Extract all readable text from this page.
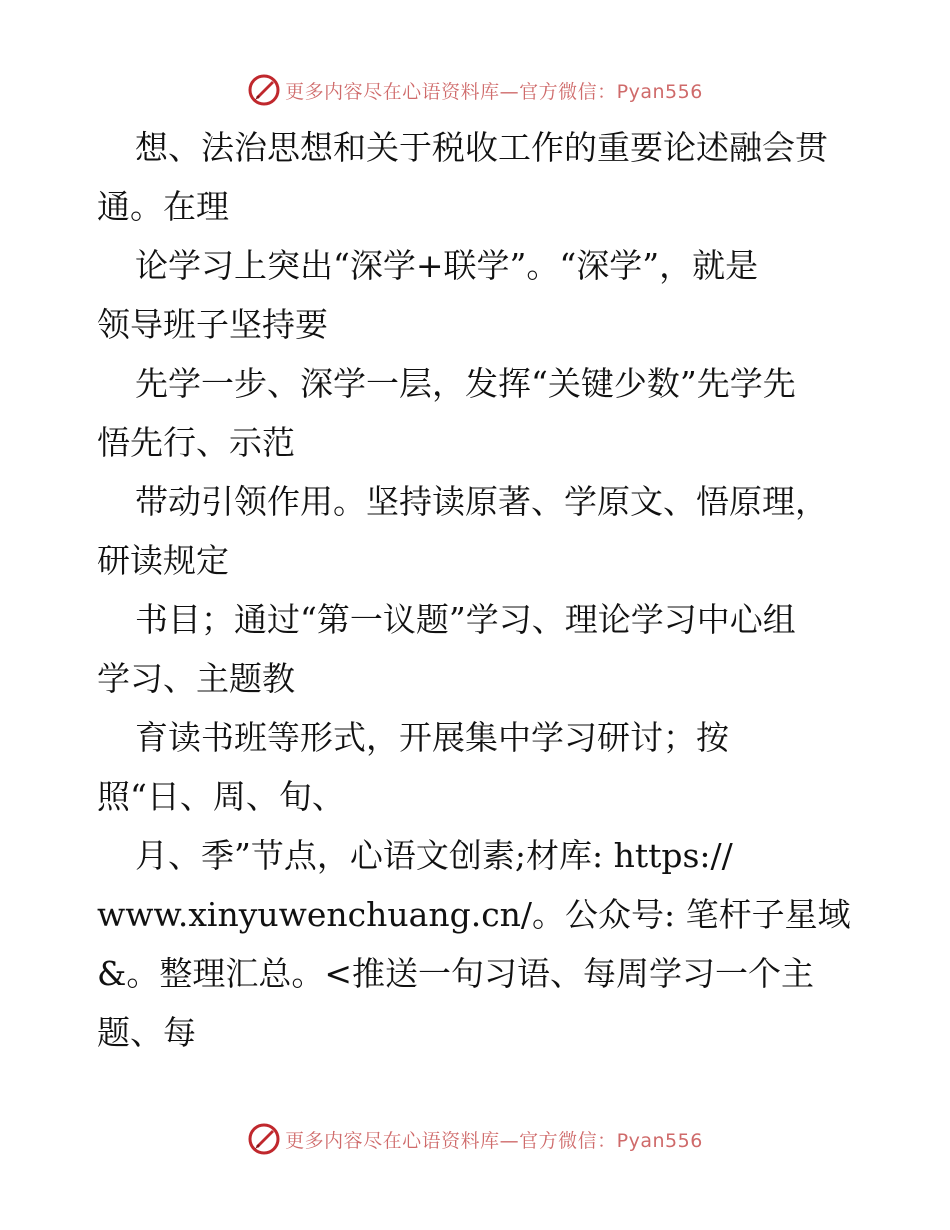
更多内容尽在心语资料库—官方微信：Pyan556
想、法治思想和关于税收工作的重要论述融会贯
通。在理
论学习上突出“深学+联学”。“深学”，就是
领导班子坚持要
先学一步、深学一层，发挥“关键少数”先学先
悟先行、示范
带动引领作用。坚持读原著、学原文、悟原理，
研读规定
书目；通过“第一议题”学习、理论学习中心组
学习、主题教
育读书班等形式，开展集中学习研讨；按
照“日、周、旬、
月、季”节点，心语文创素;材库: https://
www.xinyuwenchuang.cn/。公众号: 笔杆子星域
&。整理汇总。<推送一句习语、每周学习一个主
题、每
更多内容尽在心语资料库—官方微信：Pyan556
